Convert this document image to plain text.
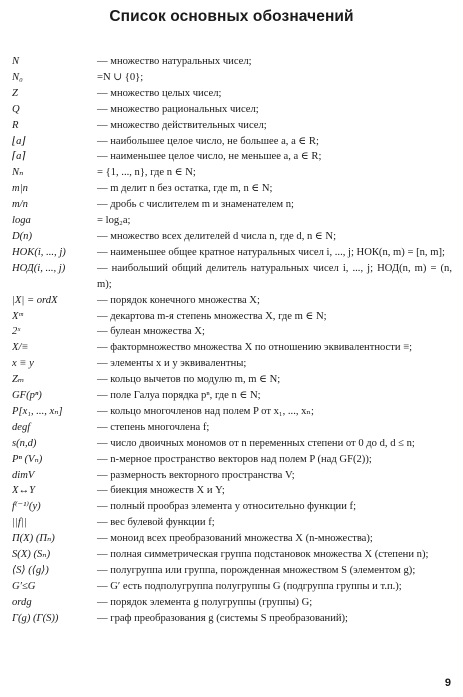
Список основных обозначений
N	— множество натуральных чисел;
N₀	=N ∪ {0};
Z	— множество целых чисел;
Q	— множество рациональных чисел;
R	— множество действительных чисел;
⌊a⌋	— наибольшее целое число, не большее a, a ∈ R;
⌈a⌉	— наименьшее целое число, не меньшее a, a ∈ R;
Nₙ	= {1, ..., n}, где n ∈ N;
m|n	— m делит n без остатка, где m, n ∈ N;
m/n	— дробь с числителем m и знаменателем n;
loga	= log₂a;
D(n)	— множество всех делителей d числа n, где d, n ∈ N;
НОК(i, ..., j)	— наименьшее общее кратное натуральных чисел i, ..., j; НОК(n, m) = [n, m];
НОД(i, ..., j)	— наибольший общий делитель натуральных чисел i, ..., j; НОД(n, m) = (n, m);
|X| = ordX	— порядок конечного множества X;
Xᵐ	— декартова m-я степень множества X, где m ∈ N;
2ˣ	— булеан множества X;
X/≡	— фактормножество множества X по отношению эквивалентности ≡;
x ≡ y	— элементы x и y эквивалентны;
Zₘ	— кольцо вычетов по модулю m, m ∈ N;
GF(pⁿ)	— поле Галуа порядка pⁿ, где n ∈ N;
P[x₁, ..., xₙ]	— кольцо многочленов над полем P от x₁, ..., xₙ;
degf	— степень многочлена f;
s(n,d)	— число двоичных мономов от n переменных степени от 0 до d, d ≤ n;
Pⁿ (Vₙ)	— n-мерное пространство векторов над полем P (над GF(2));
dimV	— размерность векторного пространства V;
X↔Y	— биекция множеств X и Y;
f⁽⁻¹⁾(y)	— полный прообраз элемента y относительно функции f;
||f||	— вес булевой функции f;
Π(X) (Πₙ)	— моноид всех преобразований множества X (n-множества);
S(X) (Sₙ)	— полная симметрическая группа подстановок множества X (степени n);
⟨S⟩ (⟨g⟩)	— полугруппа или группа, порожденная множеством S (элементом g);
G′≤G	— G′ есть подполугруппа полугруппы G (подгруппа группы и т.п.);
ordg	— порядок элемента g полугруппы (группы) G;
Γ(g) (Γ(S))	— граф преобразования g (системы S преобразований);
9
